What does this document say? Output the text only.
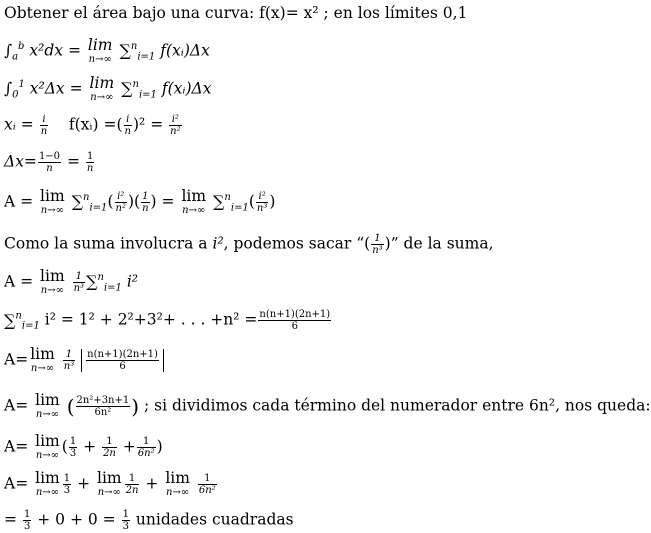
Obtener el área bajo una curva: f(x)= x² ; en los límites 0,1
$\int_a^b$ x²dx = lim
n→∞ ∑$^n_{i=1}$ f(xᵢ)Δx
$\int_0^1$ x²Δx = lim
n→∞ ∑$^n_{i=1}$ f(xᵢ)Δx
xᵢ = $\frac{i}{n}$ f(xᵢ) =( $\frac{i}{n} )^2 = \frac{\text{i²}}{\text{n²}}$
$\Delta x= \frac{1-0}{n} = \frac{1}{n}$
A = lim
n→∞ $\sum^n_{i=1}( \frac{\text{i²}}{\text{n²}}$ )( $\frac{1}{n}$ ) = lim
n→∞ $\sum^n_{i=1}( \frac{\text{i²}}{\text{n³}}$ )
Como la suma involucra a i², podemos sacar “( $\frac{1}{\text{n³}}$ )” de la suma,
A = lim
n→∞
$\frac{1}{\text{n³}} \sum^n_{i=1}$ i²
∑$^n_{i=1}$ i² = 1² + 2²+3²+ . . . $+n^2 = \frac{n(n+1)(2n+1)}{6}$
A= lim
n→∞
$\frac{1}{\text{n³}}$
$\frac{n(n+1)(2n+1)}{6}$
A= lim
n→∞ ( $\frac{\text{2n²+3n+1}}{\text{6n²}}$ ) ; si dividimos cada término del numerador entre 6n², nos queda:
A= lim
n→∞ ( $\frac{1}{3} + \frac{1}{2n} + \frac{1}{\text{6n²}}$ )
A= lim
$n\to\infty \frac{1}{3} + \lim$
$n\to\infty \frac{1}{2n} + \lim$
n→∞
$\frac{1}{\text{6n²}}$
= $\frac{1}{3} + 0 + 0 = \frac{1}{3}$ unidades cuadradas
